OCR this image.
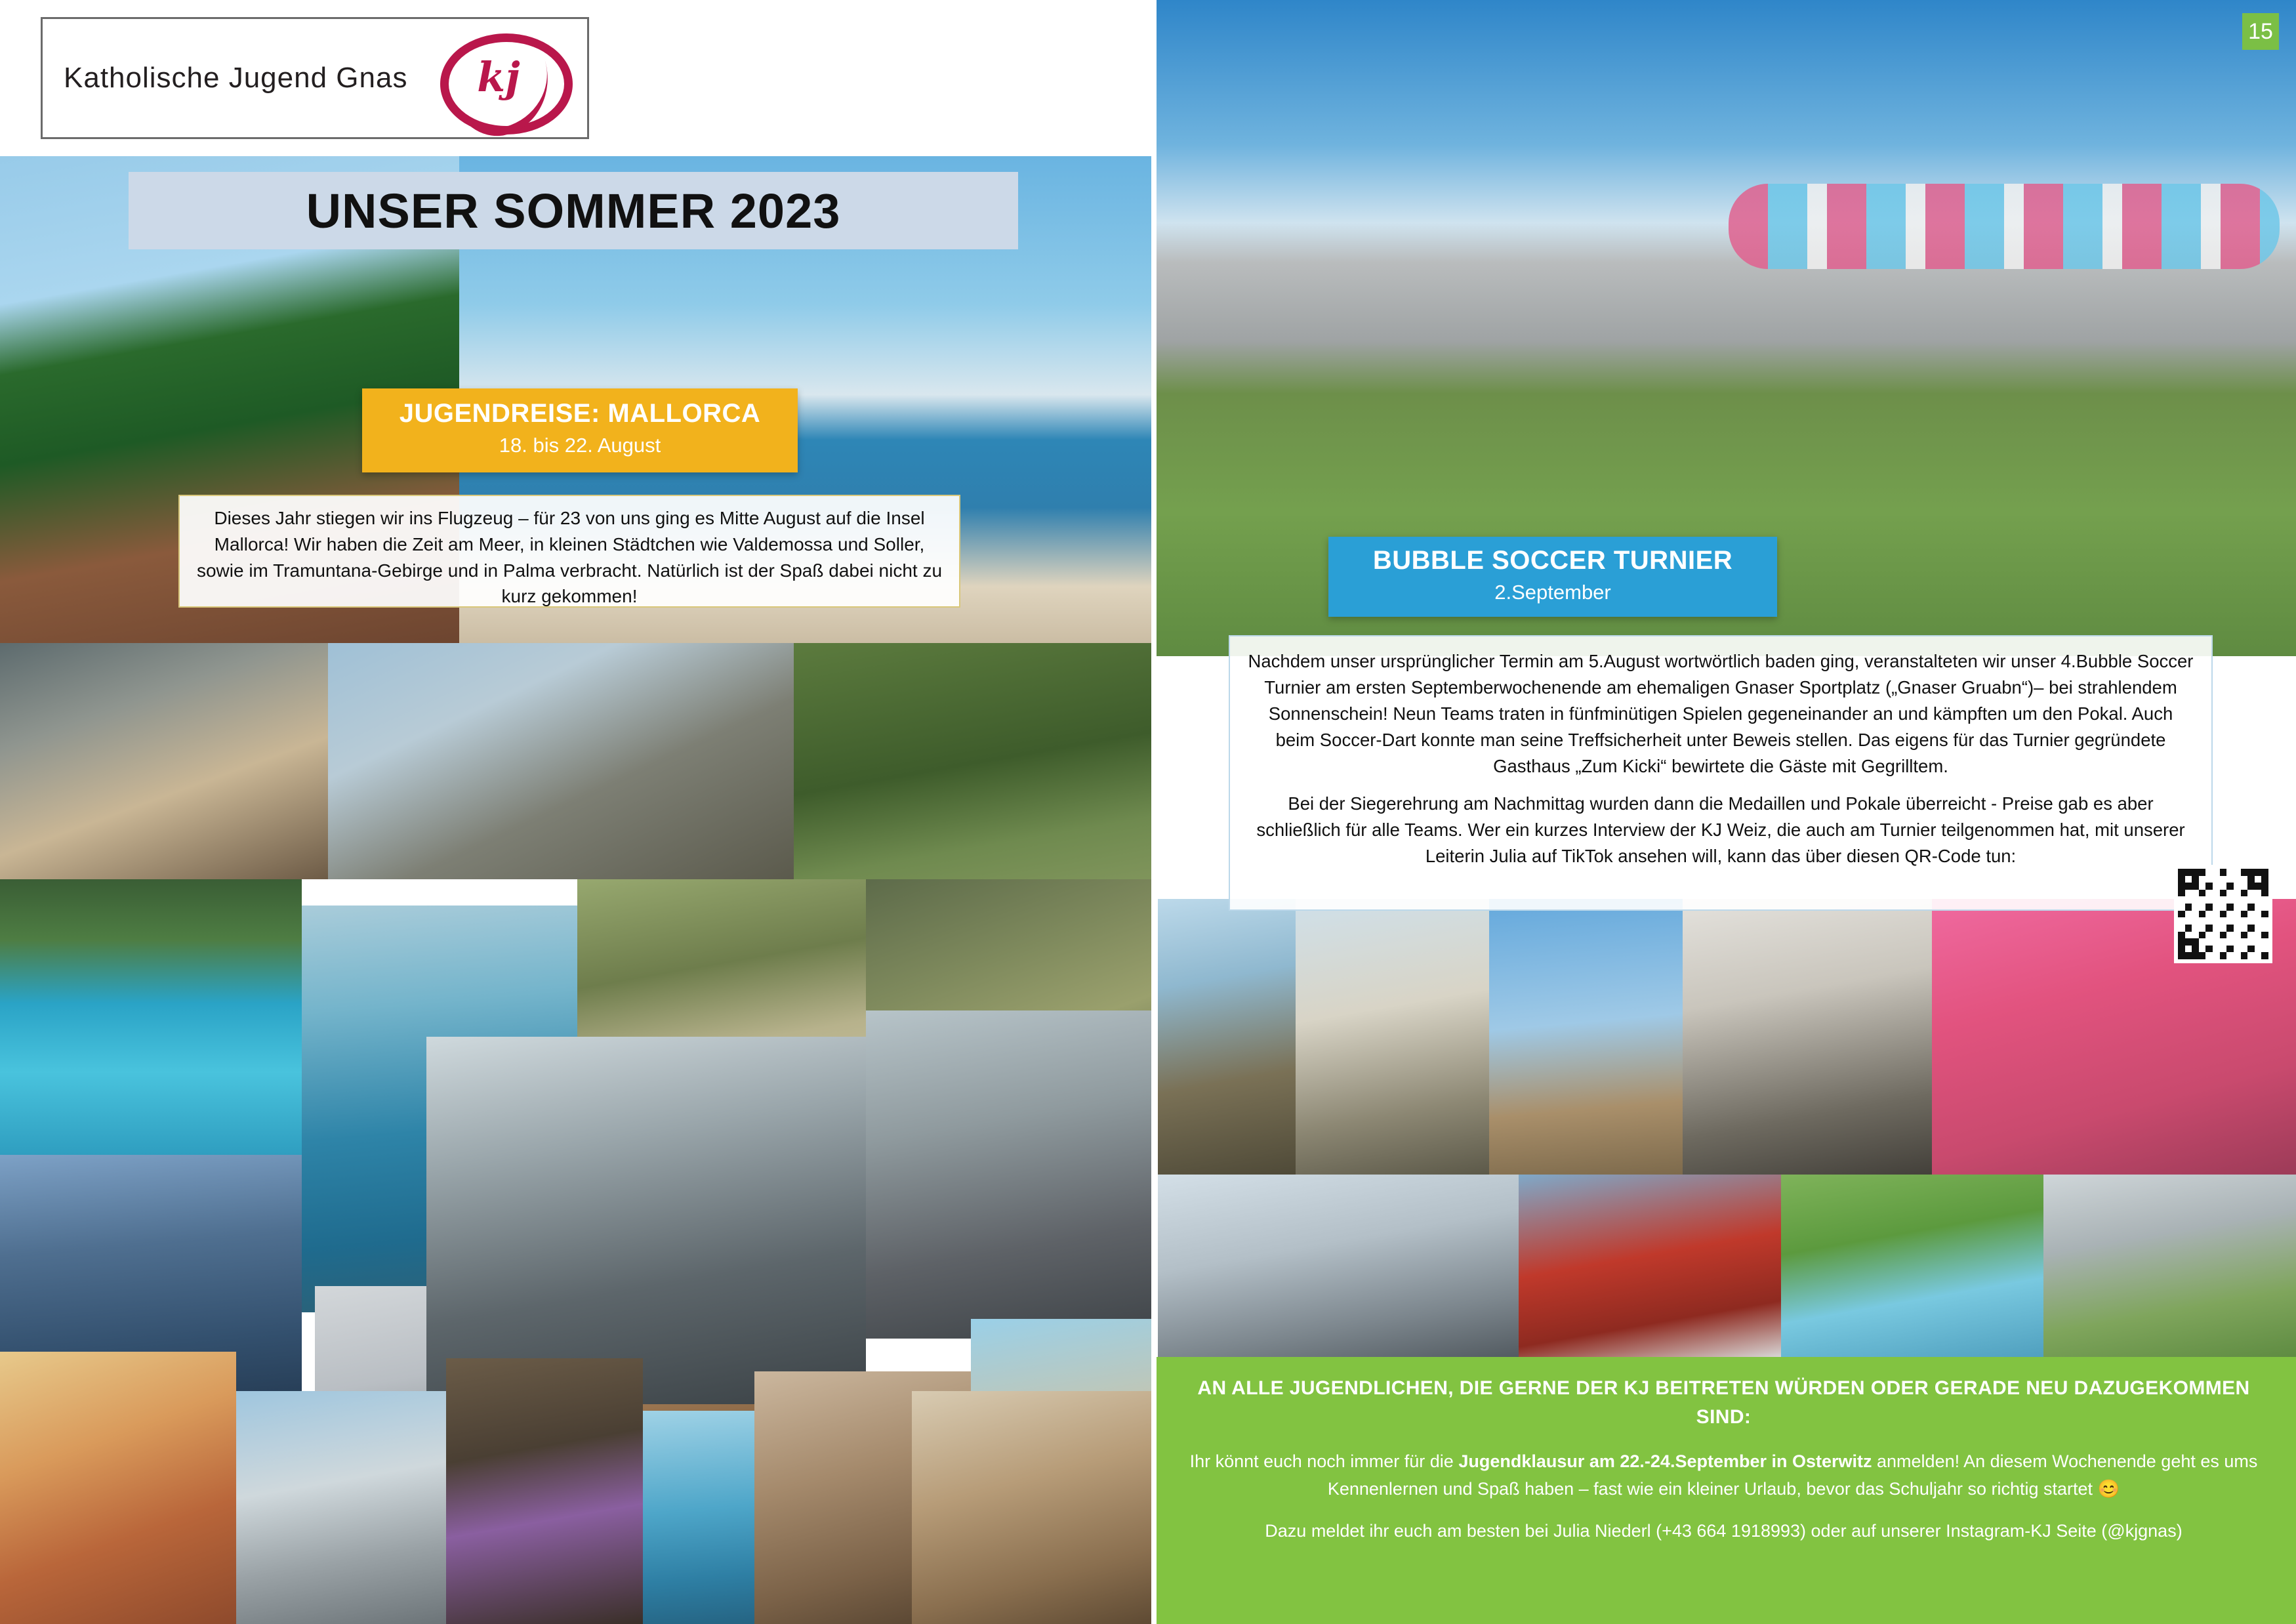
Katholische Jugend Gnas	kj
UNSER SOMMER 2023
JUGENDREISE: MALLORCA
18. bis 22. August
Dieses Jahr stiegen wir ins Flugzeug – für 23 von uns ging es Mitte August auf die Insel Mallorca! Wir haben die Zeit am Meer, in kleinen Städtchen wie Valdemossa und Soller, sowie im Tramuntana-Gebirge und in Palma verbracht. Natürlich ist der Spaß dabei nicht zu kurz gekommen!
15
BUBBLE SOCCER TURNIER
2.September

Nachdem unser ursprünglicher Termin am 5.August wortwörtlich baden ging, veranstalteten wir unser 4.Bubble Soccer Turnier am ersten Septemberwochenende am ehemaligen Gnaser Sportplatz („Gnaser Gruabn“)– bei strahlendem Sonnenschein! Neun Teams traten in fünfminütigen Spielen gegeneinander an und kämpften um den Pokal. Auch beim Soccer-Dart konnte man seine Treffsicherheit unter Beweis stellen. Das eigens für das Turnier gegründete Gasthaus „Zum Kicki“ bewirtete die Gäste mit Gegrilltem.

Bei der Siegerehrung am Nachmittag wurden dann die Medaillen und Pokale überreicht - Preise gab es aber schließlich für alle Teams. Wer ein kurzes Interview der KJ Weiz, die auch am Turnier teilgenommen hat, mit unserer Leiterin Julia auf TikTok ansehen will, kann das über diesen QR-Code tun:

AN ALLE JUGENDLICHEN, DIE GERNE DER KJ BEITRETEN WÜRDEN ODER GERADE NEU DAZUGEKOMMEN SIND:

Ihr könnt euch noch immer für die Jugendklausur am 22.-24.September in Osterwitz anmelden! An diesem Wochenende geht es ums Kennenlernen und Spaß haben – fast wie ein kleiner Urlaub, bevor das Schuljahr so richtig startet 😊

Dazu meldet ihr euch am besten bei Julia Niederl (+43 664 1918993) oder auf unserer Instagram-KJ Seite (@kjgnas)
